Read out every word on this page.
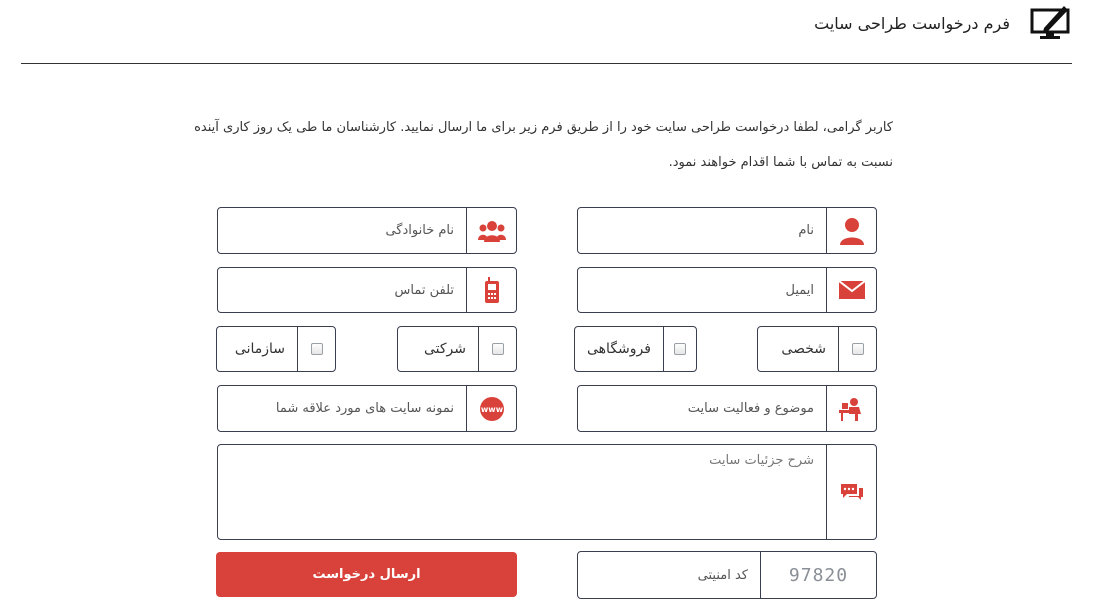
فرم درخواست طراحی سایت
کاربر گرامی، لطفا درخواست طراحی سایت خود را از طریق فرم زیر برای ما ارسال نمایید. کارشناسان ما طی یک روز کاری آینده
نسبت به تماس با شما اقدام خواهند نمود.
نام
نام خانوادگی
ایمیل
تلفن تماس
شخصی
فروشگاهی
شرکتی
سازمانی
موضوع و فعالیت سایت
www
نمونه سایت های مورد علاقه شما
شرح جزئیات سایت
97820
کد امنیتی
ارسال درخواست
